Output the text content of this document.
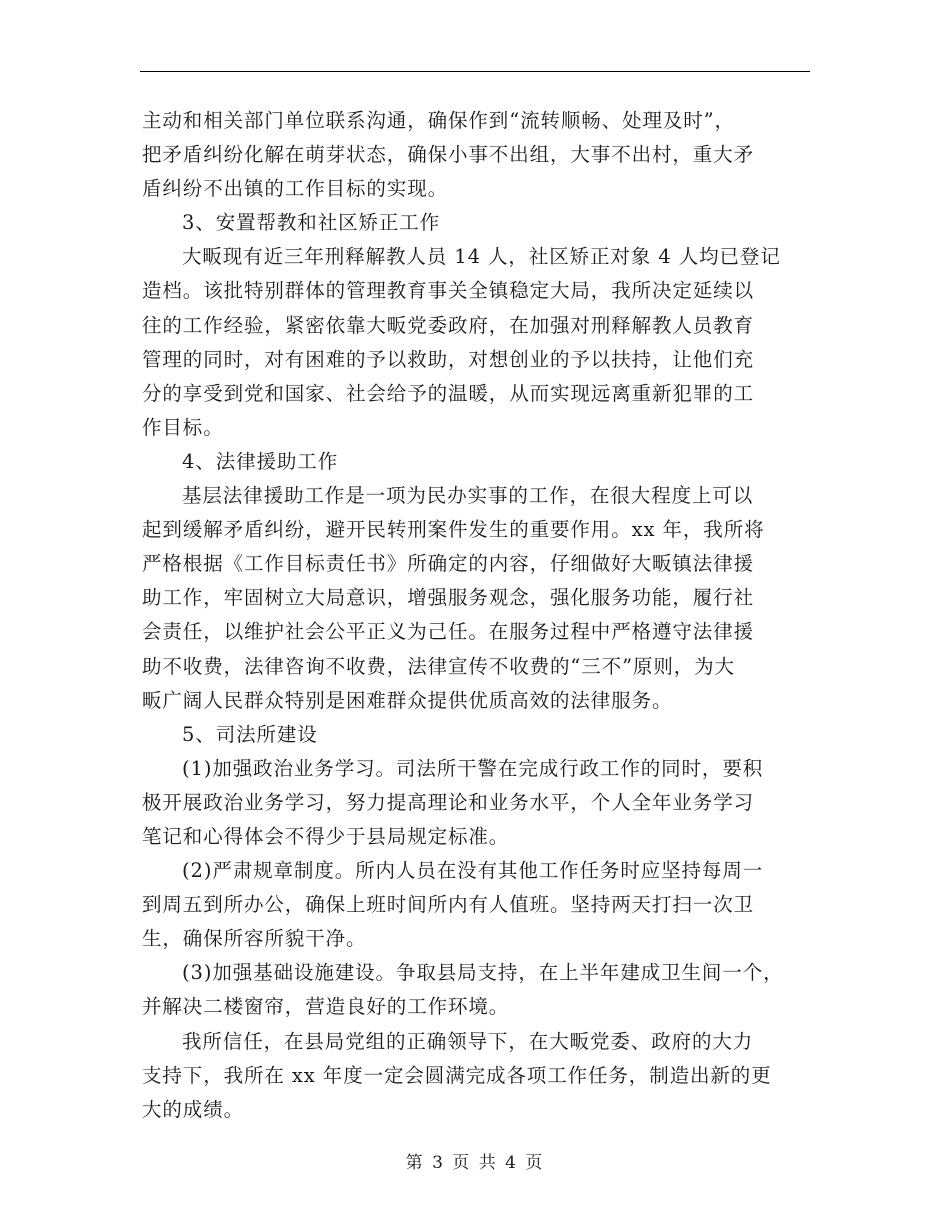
主动和相关部门单位联系沟通，确保作到“流转顺畅、处理及时”，
把矛盾纠纷化解在萌芽状态，确保小事不出组，大事不出村，重大矛
盾纠纷不出镇的工作目标的实现。
3、安置帮教和社区矫正工作
大畈现有近三年刑释解教人员 14 人，社区矫正对象 4 人均已登记
造档。该批特别群体的管理教育事关全镇稳定大局，我所决定延续以
往的工作经验，紧密依靠大畈党委政府，在加强对刑释解教人员教育
管理的同时，对有困难的予以救助，对想创业的予以扶持，让他们充
分的享受到党和国家、社会给予的温暖，从而实现远离重新犯罪的工
作目标。
4、法律援助工作
基层法律援助工作是一项为民办实事的工作，在很大程度上可以
起到缓解矛盾纠纷，避开民转刑案件发生的重要作用。xx 年，我所将
严格根据《工作目标责任书》所确定的内容，仔细做好大畈镇法律援
助工作，牢固树立大局意识，增强服务观念，强化服务功能，履行社
会责任，以维护社会公平正义为己任。在服务过程中严格遵守法律援
助不收费，法律咨询不收费，法律宣传不收费的“三不”原则，为大
畈广阔人民群众特别是困难群众提供优质高效的法律服务。
5、司法所建设
(1)加强政治业务学习。司法所干警在完成行政工作的同时，要积
极开展政治业务学习，努力提高理论和业务水平，个人全年业务学习
笔记和心得体会不得少于县局规定标准。
(2)严肃规章制度。所内人员在没有其他工作任务时应坚持每周一
到周五到所办公，确保上班时间所内有人值班。坚持两天打扫一次卫
生，确保所容所貌干净。
(3)加强基础设施建设。争取县局支持，在上半年建成卫生间一个，
并解决二楼窗帘，营造良好的工作环境。
我所信任，在县局党组的正确领导下，在大畈党委、政府的大力
支持下，我所在 xx 年度一定会圆满完成各项工作任务，制造出新的更
大的成绩。
第 3 页 共 4 页
